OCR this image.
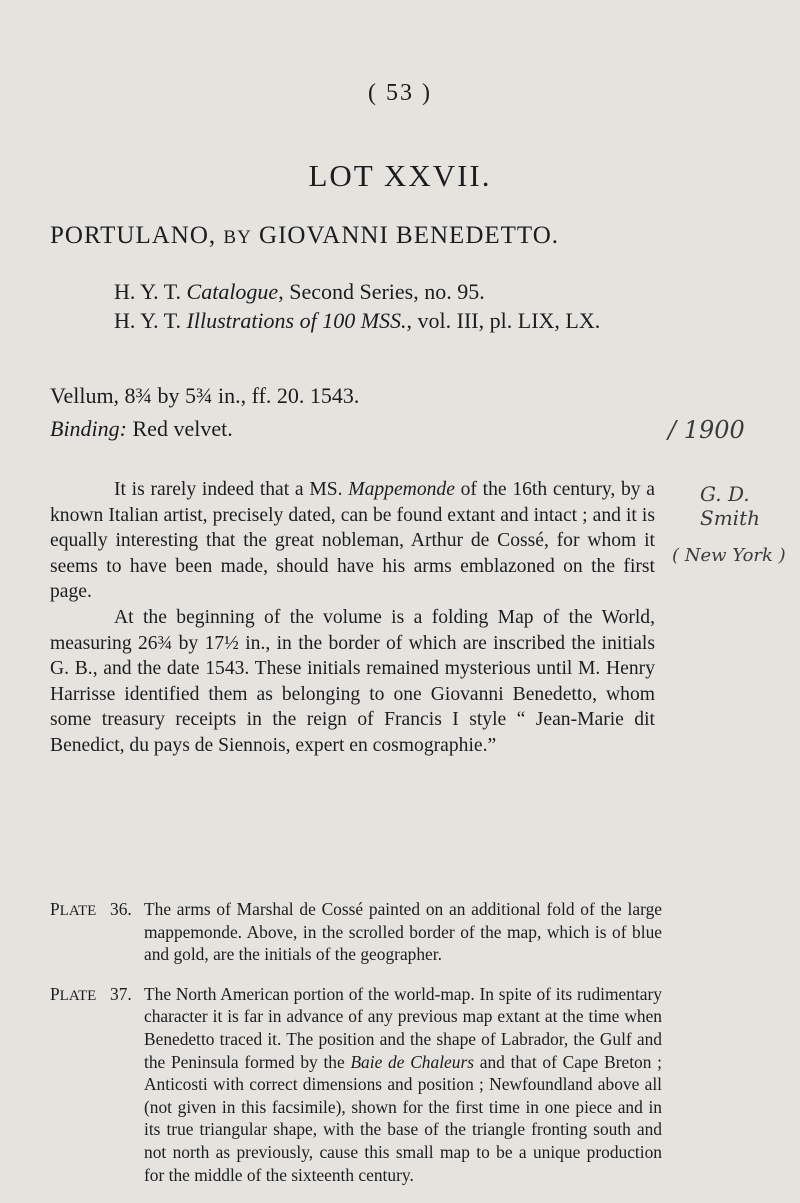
( 53 )
LOT XXVII.
PORTULANO, BY GIOVANNI BENEDETTO.
H. Y. T. Catalogue, Second Series, no. 95.
H. Y. T. Illustrations of 100 MSS., vol. III, pl. LIX, LX.
Vellum, 8¾ by 5¾ in., ff. 20. 1543.
Binding: Red velvet.

It is rarely indeed that a MS. Mappemonde of the 16th century, by a known Italian artist, precisely dated, can be found extant and intact ; and it is equally interesting that the great nobleman, Arthur de Cossé, for whom it seems to have been made, should have his arms emblazoned on the first page.

At the beginning of the volume is a folding Map of the World, measuring 26¾ by 17½ in., in the border of which are inscribed the initials G. B., and the date 1543. These initials remained mysterious until M. Henry Harrisse identified them as belonging to one Giovanni Benedetto, whom some treasury receipts in the reign of Francis I style “ Jean-Marie dit Benedict, du pays de Siennois, expert en cosmographie.”

PLATE 36. The arms of Marshal de Cossé painted on an additional fold of the large mappemonde. Above, in the scrolled border of the map, which is of blue and gold, are the initials of the geographer.
PLATE 37. The North American portion of the world-map. In spite of its rudimentary character it is far in advance of any previous map extant at the time when Benedetto traced it. The position and the shape of Labrador, the Gulf and the Peninsula formed by the Baie de Chaleurs and that of Cape Breton ; Anticosti with correct dimensions and position ; Newfoundland above all (not given in this facsimile), shown for the first time in one piece and in its true triangular shape, with the base of the triangle fronting south and not north as previously, cause this small map to be a unique production for the middle of the sixteenth century.
/ 1900
G. D. Smith
( New York )
